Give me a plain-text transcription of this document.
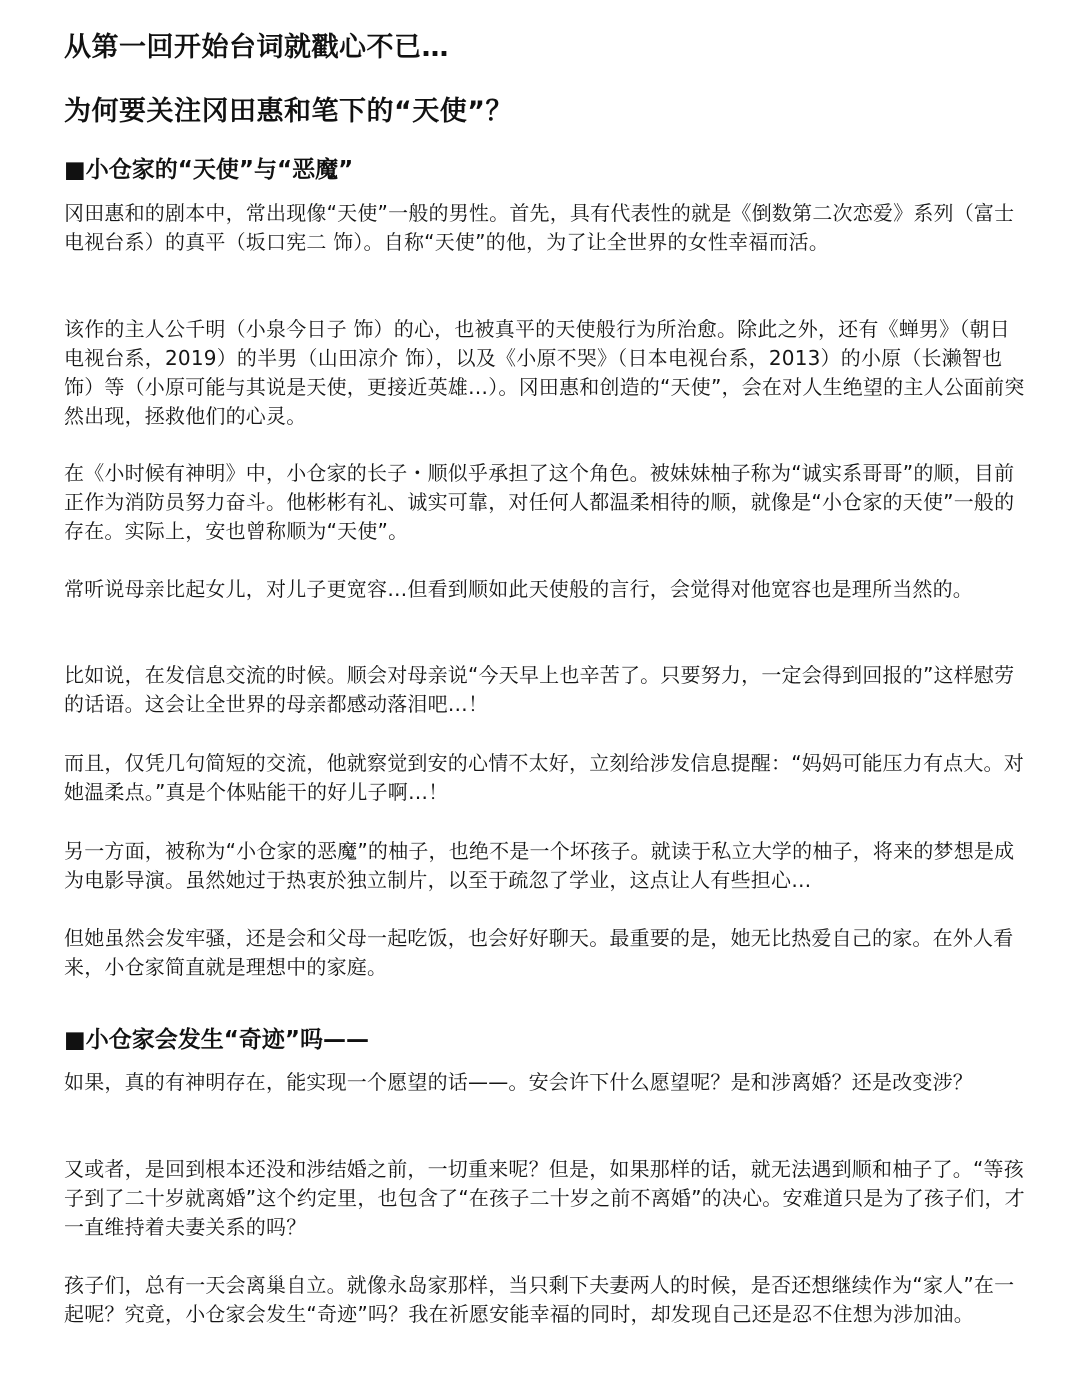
从第一回开始台词就戳心不已…
为何要关注冈田惠和笔下的“天使”？
■小仓家的“天使”与“恶魔”

冈田惠和的剧本中，常出现像“天使”一般的男性。首先，具有代表性的就是《倒数第二次恋爱》系列（富士电视台系）的真平（坂口宪二 饰）。自称“天使”的他，为了让全世界的女性幸福而活。

该作的主人公千明（小泉今日子 饰）的心，也被真平的天使般行为所治愈。除此之外，还有《蝉男》（朝日电视台系，2019）的半男（山田凉介 饰），以及《小原不哭》（日本电视台系，2013）的小原（长濑智也 饰）等（小原可能与其说是天使，更接近英雄…）。冈田惠和创造的“天使”，会在对人生绝望的主人公面前突然出现，拯救他们的心灵。

在《小时候有神明》中，小仓家的长子・顺似乎承担了这个角色。被妹妹柚子称为“诚实系哥哥”的顺，目前正作为消防员努力奋斗。他彬彬有礼、诚实可靠，对任何人都温柔相待的顺，就像是“小仓家的天使”一般的存在。实际上，安也曾称顺为“天使”。

常听说母亲比起女儿，对儿子更宽容…但看到顺如此天使般的言行，会觉得对他宽容也是理所当然的。

比如说，在发信息交流的时候。顺会对母亲说“今天早上也辛苦了。只要努力，一定会得到回报的”这样慰劳的话语。这会让全世界的母亲都感动落泪吧…！

而且，仅凭几句简短的交流，他就察觉到安的心情不太好，立刻给涉发信息提醒：“妈妈可能压力有点大。对她温柔点。”真是个体贴能干的好儿子啊…！

另一方面，被称为“小仓家的恶魔”的柚子，也绝不是一个坏孩子。就读于私立大学的柚子，将来的梦想是成为电影导演。虽然她过于热衷於独立制片，以至于疏忽了学业，这点让人有些担心…

但她虽然会发牢骚，还是会和父母一起吃饭，也会好好聊天。最重要的是，她无比热爱自己的家。在外人看来，小仓家简直就是理想中的家庭。

■小仓家会发生“奇迹”吗——

如果，真的有神明存在，能实现一个愿望的话——。安会许下什么愿望呢？是和涉离婚？还是改变涉？

又或者，是回到根本还没和涉结婚之前，一切重来呢？但是，如果那样的话，就无法遇到顺和柚子了。“等孩子到了二十岁就离婚”这个约定里，也包含了“在孩子二十岁之前不离婚”的决心。安难道只是为了孩子们，才一直维持着夫妻关系的吗？

孩子们，总有一天会离巢自立。就像永岛家那样，当只剩下夫妻两人的时候，是否还想继续作为“家人”在一起呢？究竟，小仓家会发生“奇迹”吗？我在祈愿安能幸福的同时，却发现自己还是忍不住想为涉加油。
